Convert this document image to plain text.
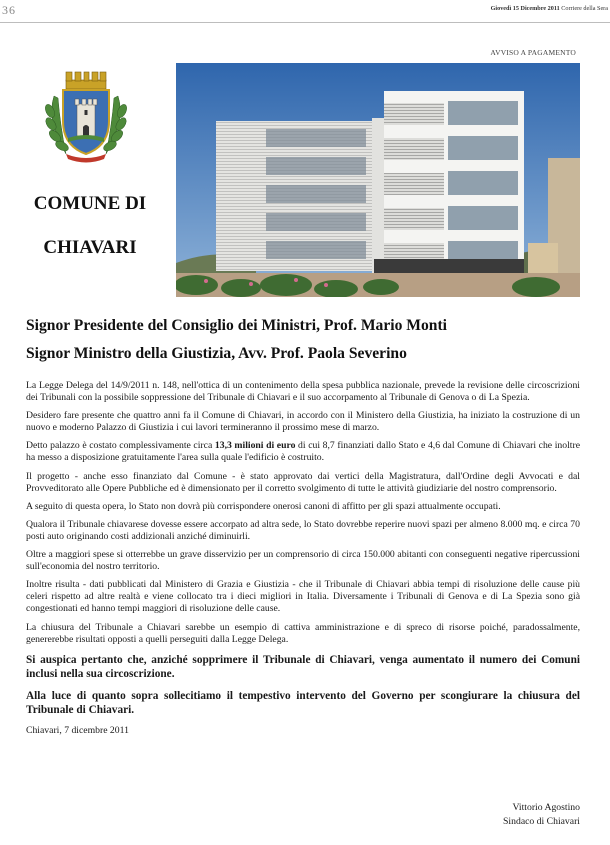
36	Giovedì 15 Dicembre 2011 Corriere della Sera
AVVISO A PAGAMENTO
COMUNE DI
CHIAVARI
Signor Presidente del Consiglio dei Ministri, Prof. Mario Monti
Signor Ministro della Giustizia, Avv. Prof. Paola Severino

La Legge Delega del 14/9/2011 n. 148, nell'ottica di un contenimento della spesa pubblica nazionale, prevede la revisione delle circoscrizioni dei Tribunali con la possibile soppressione del Tribunale di Chiavari e il suo accorpamento al Tribunale di Genova o di La Spezia.

Desidero fare presente che quattro anni fa il Comune di Chiavari, in accordo con il Ministero della Giustizia, ha iniziato la costruzione di un nuovo e moderno Palazzo di Giustizia i cui lavori termineranno il prossimo mese di marzo.

Detto palazzo è costato complessivamente circa 13,3 milioni di euro di cui 8,7 finanziati dallo Stato e 4,6 dal Comune di Chiavari che inoltre ha messo a disposizione gratuitamente l'area sulla quale l'edificio è costruito.

Il progetto - anche esso finanziato dal Comune - è stato approvato dai vertici della Magistratura, dall'Ordine degli Avvocati e dal Provveditorato alle Opere Pubbliche ed è dimensionato per il corretto svolgimento di tutte le attività giudiziarie del nostro comprensorio.

A seguito di questa opera, lo Stato non dovrà più corrispondere onerosi canoni di affitto per gli spazi attualmente occupati.

Qualora il Tribunale chiavarese dovesse essere accorpato ad altra sede, lo Stato dovrebbe reperire nuovi spazi per almeno 8.000 mq. e circa 70 posti auto originando costi addizionali anziché diminuirli.

Oltre a maggiori spese si otterrebbe un grave disservizio per un comprensorio di circa 150.000 abitanti con conseguenti negative ripercussioni sull'economia del nostro territorio.

Inoltre risulta - dati pubblicati dal Ministero di Grazia e Giustizia - che il Tribunale di Chiavari abbia tempi di risoluzione delle cause più celeri rispetto ad altre realtà e viene collocato tra i dieci migliori in Italia. Diversamente i Tribunali di Genova e di La Spezia sono già congestionati ed hanno tempi maggiori di risoluzione delle cause.

La chiusura del Tribunale a Chiavari sarebbe un esempio di cattiva amministrazione e di spreco di risorse poiché, paradossalmente, genererebbe risultati opposti a quelli perseguiti dalla Legge Delega.

Si auspica pertanto che, anziché sopprimere il Tribunale di Chiavari, venga aumentato il numero dei Comuni inclusi nella sua circoscrizione.

Alla luce di quanto sopra sollecitiamo il tempestivo intervento del Governo per scongiurare la chiusura del Tribunale di Chiavari.

Chiavari, 7 dicembre 2011

Vittorio Agostino
Sindaco di Chiavari
